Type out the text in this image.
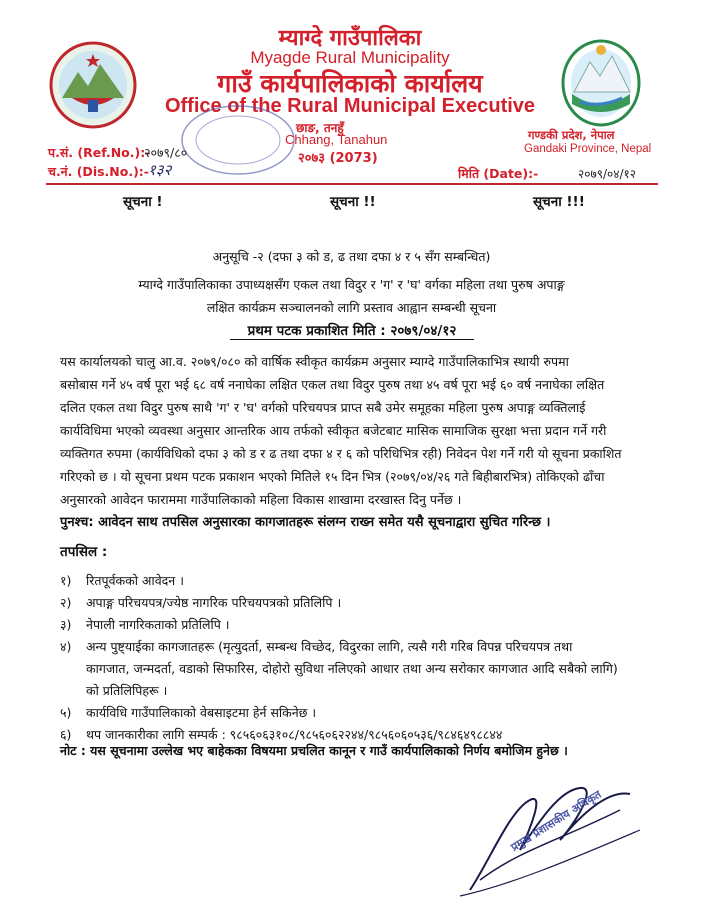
म्याग्दे गाउँपालिका
Myagde Rural Municipality
गाउँ कार्यपालिकाको कार्यालय
Office of the Rural Municipal Executive
छाङ, तनहुँ
Chhang, Tanahun
२०७३ (2073)
गण्डकी प्रदेश, नेपाल
Gandaki Province, Nepal
प.सं. (Ref.No.):-
२०७९/८०
च.नं. (Dis.No.):- १३२	मिति (Date):-	२०७९/०४/१२
सूचना !	सूचना !!	सूचना !!!
अनुसूचि -२ (दफा ३ को ड, ढ तथा दफा ४ र ५ सँग सम्बन्धित)
म्याग्दे गाउँपालिकाका उपाध्यक्षसँग एकल तथा विदुर र 'ग' र 'घ' वर्गका महिला तथा पुरुष अपाङ्ग
लक्षित कार्यक्रम सञ्चालनको लागि प्रस्ताव आह्वान सम्बन्धी सूचना
प्रथम पटक प्रकाशित मिति : २०७९/०४/१२
यस कार्यालयको चालु आ.व. २०७९/०८० को वार्षिक स्वीकृत कार्यक्रम अनुसार म्याग्दे गाउँपालिकाभित्र स्थायी रुपमा
बसोबास गर्ने ४५ वर्ष पूरा भई ६८ वर्ष ननाघेका लक्षित एकल तथा विदुर पुरुष तथा ४५ वर्ष पूरा भई ६० वर्ष ननाघेका लक्षित
दलित एकल तथा विदुर पुरुष साथै 'ग' र 'घ' वर्गको परिचयपत्र प्राप्त सबै उमेर समूहका महिला पुरुष अपाङ्ग व्यक्तिलाई
कार्यविधिमा भएको व्यवस्था अनुसार आन्तरिक आय तर्फको स्वीकृत बजेटबाट मासिक सामाजिक सुरक्षा भत्ता प्रदान गर्ने गरी
व्यक्तिगत रुपमा (कार्यविधिको दफा ३ को ड र ढ तथा दफा ४ र ६ को परिधिभित्र रही) निवेदन पेश गर्ने गरी यो सूचना प्रकाशित
गरिएको छ । यो सूचना प्रथम पटक प्रकाशन भएको मितिले १५ दिन भित्र (२०७९/०४/२६ गते बिहीबारभित्र) तोकिएको ढाँचा
अनुसारको आवेदन फाराममा गाउँपालिकाको महिला विकास शाखामा दरखास्त दिनु पर्नेछ ।
पुनश्च: आवेदन साथ तपसिल अनुसारका कागजातहरू संलग्न राख्न समेत यसै सूचनाद्वारा सुचित गरिन्छ ।
तपसिल :
१) रितपूर्वकको आवेदन ।
२) अपाङ्ग परिचयपत्र/ज्येष्ठ नागरिक परिचयपत्रको प्रतिलिपि ।
३) नेपाली नागरिकताको प्रतिलिपि ।
४) अन्य पुष्ट्याईका कागजातहरू (मृत्युदर्ता, सम्बन्ध विच्छेद, विदुरका लागि, त्यसै गरी गरिब विपन्न परिचयपत्र तथा
कागजात, जन्मदर्ता, वडाको सिफारिस, दोहोरो सुविधा नलिएको आधार तथा अन्य सरोकार कागजात आदि सबैको लागि)
को प्रतिलिपिहरू ।
५) कार्यविधि गाउँपालिकाको वेबसाइटमा हेर्न सकिनेछ ।
६) थप जानकारीका लागि सम्पर्क : ९८५६०६३१०८/९८५६०६२२४४/९८५६०६०५३६/९८४६४९८८४४
नोट : यस सूचनामा उल्लेख भए बाहेकका विषयमा प्रचलित कानून र गाउँ कार्यपालिकाको निर्णय बमोजिम हुनेछ ।
प्रमुख प्रशासकीय अधिकृत
